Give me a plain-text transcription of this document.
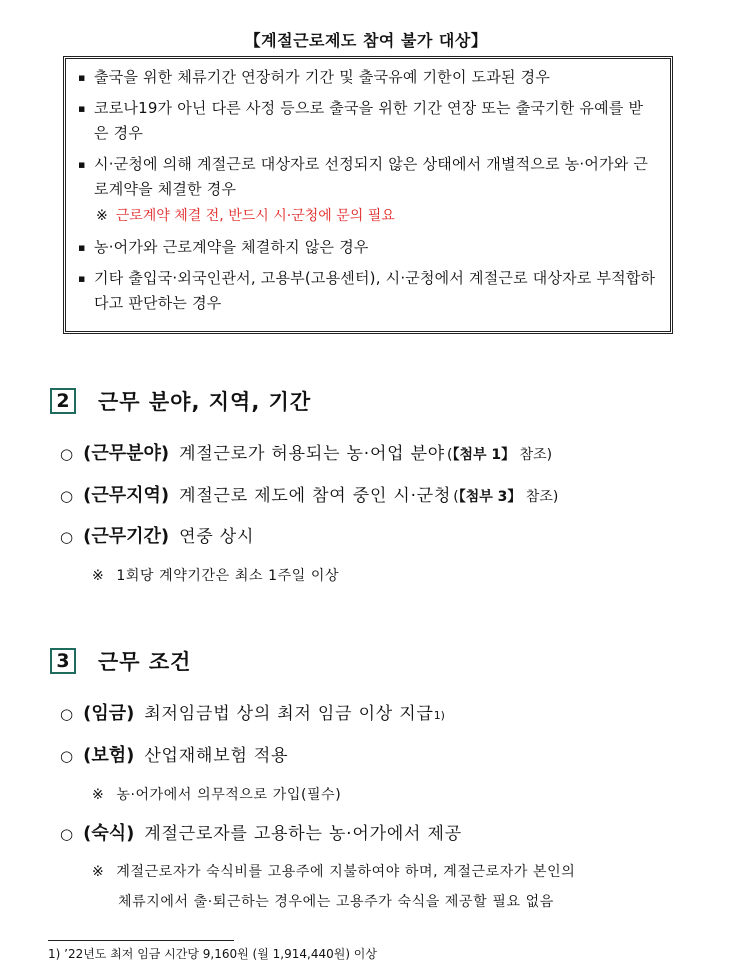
【계절근로제도 참여 불가 대상】
▪ 출국을 위한 체류기간 연장허가 기간 및 출국유예 기한이 도과된 경우
▪ 코로나19가 아닌 다른 사정 등으로 출국을 위한 기간 연장 또는 출국기한 유예를 받은 경우
▪ 시·군청에 의해 계절근로 대상자로 선정되지 않은 상태에서 개별적으로 농·어가와 근로계약을 체결한 경우
※ 근로계약 체결 전, 반드시 시·군청에 문의 필요
▪ 농·어가와 근로계약을 체결하지 않은 경우
▪ 기타 출입국·외국인관서, 고용부(고용센터), 시·군청에서 계절근로 대상자로 부적합하다고 판단하는 경우
2	근무 분야, 지역, 기간
○ (근무분야) 계절근로가 허용되는 농·어업 분야 (【첨부 1】 참조)
○ (근무지역) 계절근로 제도에 참여 중인 시·군청 (【첨부 3】 참조)
○ (근무기간) 연중 상시
※ 1회당 계약기간은 최소 1주일 이상
3	근무 조건
○ (임금) 최저임금법 상의 최저 임금 이상 지급$_{1)}$
○ (보험) 산업재해보험 적용
※ 농·어가에서 의무적으로 가입(필수)
○ (숙식) 계절근로자를 고용하는 농·어가에서 제공
※ 계절근로자가 숙식비를 고용주에 지불하여야 하며, 계절근로자가 본인의
체류지에서 출·퇴근하는 경우에는 고용주가 숙식을 제공할 필요 없음
1) ’22년도 최저 임금 시간당 9,160원 (월 1,914,440원) 이상
